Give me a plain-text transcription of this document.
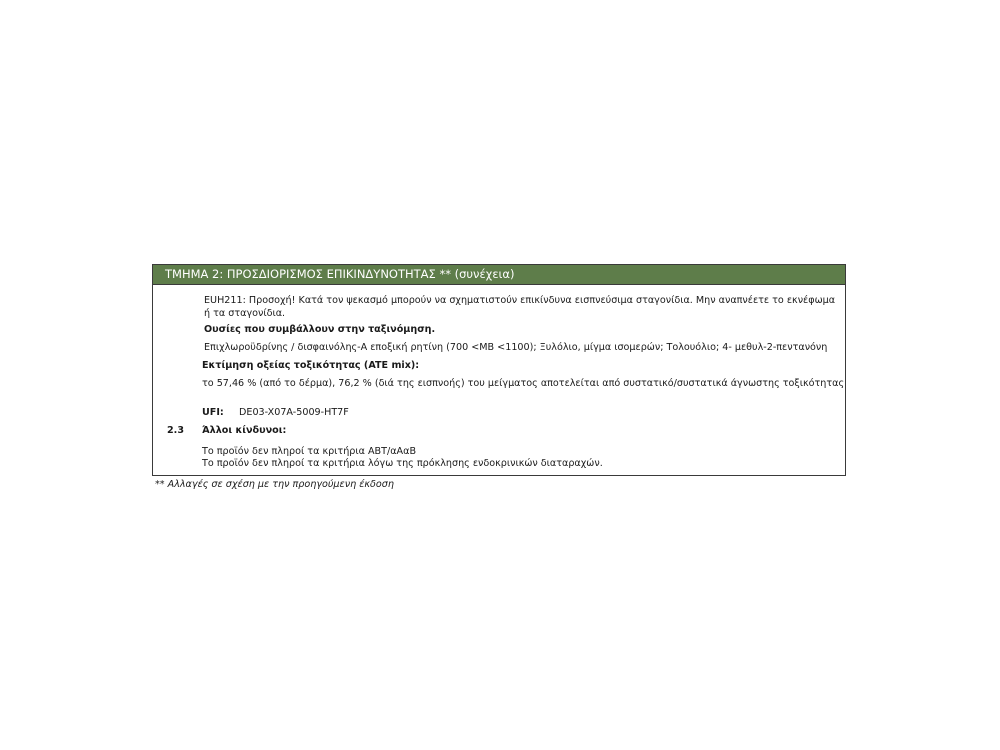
ΤΜΗΜΑ 2: ΠΡΟΣΔΙΟΡΙΣΜΟΣ ΕΠΙΚΙΝΔΥΝΟΤΗΤΑΣ ** (συνέχεια)
EUH211: Προσοχή! Κατά τον ψεκασμό μπορούν να σχηματιστούν επικίνδυνα εισπνεύσιμα σταγονίδια. Μην αναπνέετε το εκνέφωμα ή τα σταγονίδια.
Ουσίες που συμβάλλουν στην ταξινόμηση.
Επιχλωροϋδρίνης / δισφαινόλης-Α εποξική ρητίνη (700 <MB <1100); Ξυλόλιο, μίγμα ισομερών; Τολουόλιο; 4- μεθυλ-2-πεντανόνη
Εκτίμηση οξείας τοξικότητας (ATE mix):
το 57,46 % (από το δέρμα), 76,2 % (διά της εισπνοής) του μείγματος αποτελείται από συστατικό/συστατικά άγνωστης τοξικότητας
UFI: DE03-X07A-5009-HT7F
2.3 Άλλοι κίνδυνοι:
Το προϊόν δεν πληροί τα κριτήρια ΑΒΤ/αΑαΒ
Το προϊόν δεν πληροί τα κριτήρια λόγω της πρόκλησης ενδοκρινικών διαταραχών.
** Αλλαγές σε σχέση με την προηγούμενη έκδοση
